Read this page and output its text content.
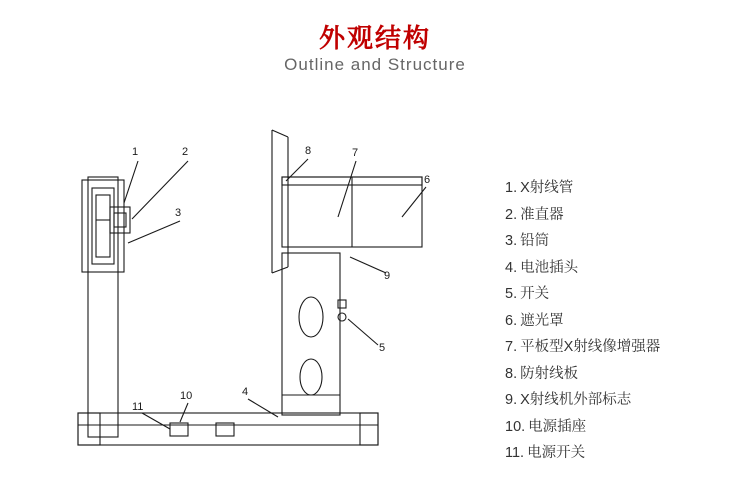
外观结构
Outline and Structure
1	2
3
4
5
6
7
8
9
10
11
1. X射线管
2. 准直器
3. 铅筒
4. 电池插头
5. 开关
6. 遮光罩
7. 平板型X射线像增强器
8. 防射线板
9. X射线机外部标志
10. 电源插座
11. 电源开关
